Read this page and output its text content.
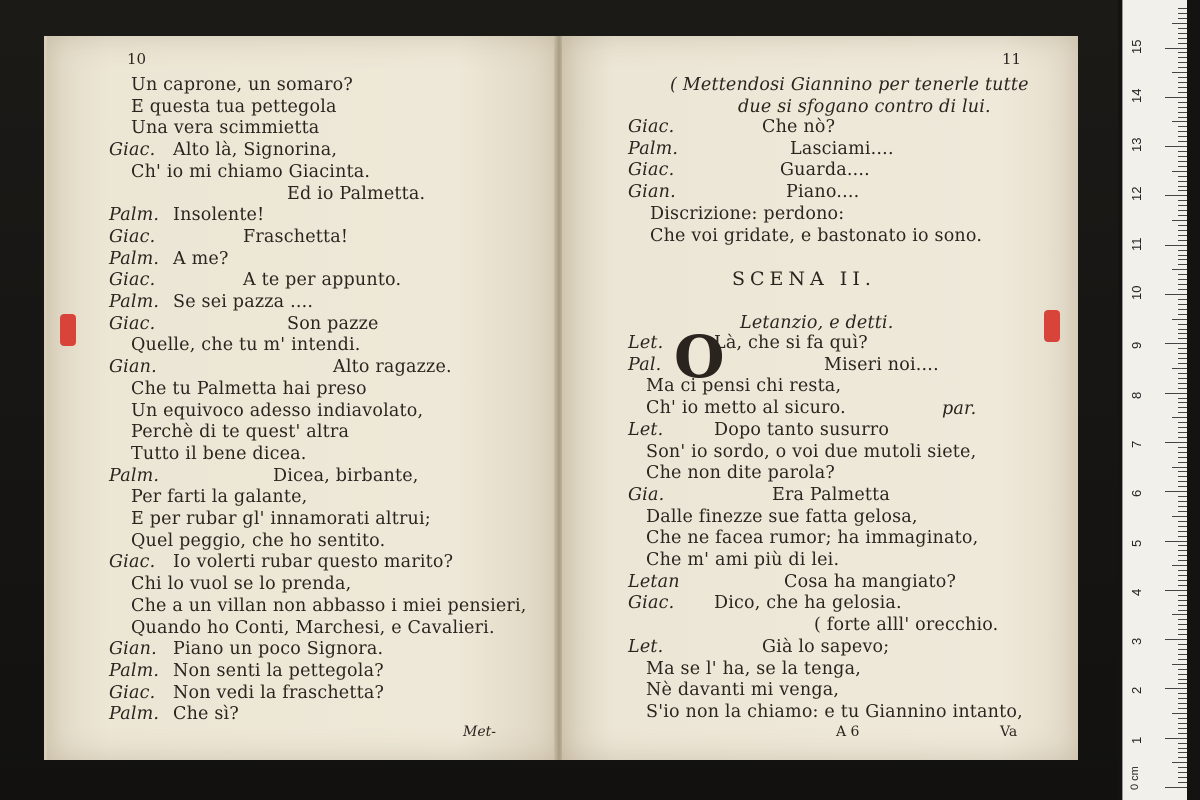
10
Un caprone, un somaro?
E questa tua pettegola
Una vera scimmietta
Giac. Alto là, Signorina,
Ch' io mi chiamo Giacinta.
Ed io Palmetta.
Palm. Insolente!
Giac.	Fraschetta!
Palm. A me?
Giac.	A te per appunto.
Palm. Se sei pazza ....
Giac.	Son pazze
Quelle, che tu m' intendi.
Gian.	Alto ragazze.
Che tu Palmetta hai preso
Un equivoco adesso indiavolato,
Perchè di te quest' altra
Tutto il bene dicea.
Palm.	Dicea, birbante,
Per farti la galante,
E per rubar gl' innamorati altrui;
Quel peggio, che ho sentito.
Giac. Io volerti rubar questo marito?
Chi lo vuol se lo prenda,
Che a un villan non abbasso i miei pensieri,
Quando ho Conti, Marchesi, e Cavalieri.
Gian. Piano un poco Signora.
Palm. Non senti la pettegola?
Giac. Non vedi la fraschetta?
Palm. Che sì?
Met-
11
( Mettendosi Giannino per tenerle tutte
due si sfogano contro di lui.
Giac.	Che nò?
Palm.	Lasciami....
Giac.	Guarda....
Gian.	Piano....
Discrizione: perdono:
Che voi gridate, e bastonato io sono.
SCENA II.
Letanzio, e detti.
O
Let.	Là, che si fa quì?
Pal.	Miseri noi....
Ma ci pensi chi resta,
Ch' io metto al sicuro.
Let.	Dopo tanto susurro
Son' io sordo, o voi due mutoli siete,
Che non dite parola?
Gia.	Era Palmetta
Dalle finezze sue fatta gelosa,
Che ne facea rumor; ha immaginato,
Che m' ami più di lei.
Letan	Cosa ha mangiato?
Giac. Dico, che ha gelosia.
( forte alll' orecchio.
Let.	Già lo sapevo;
Ma se l' ha, se la tenga,
Nè davanti mi venga,
S'io non la chiamo: e tu Giannino intanto,
par.
A 6	Va
0 cm
1
2
3
4
5
6
7
8
9
10
11
12
13
14
15
